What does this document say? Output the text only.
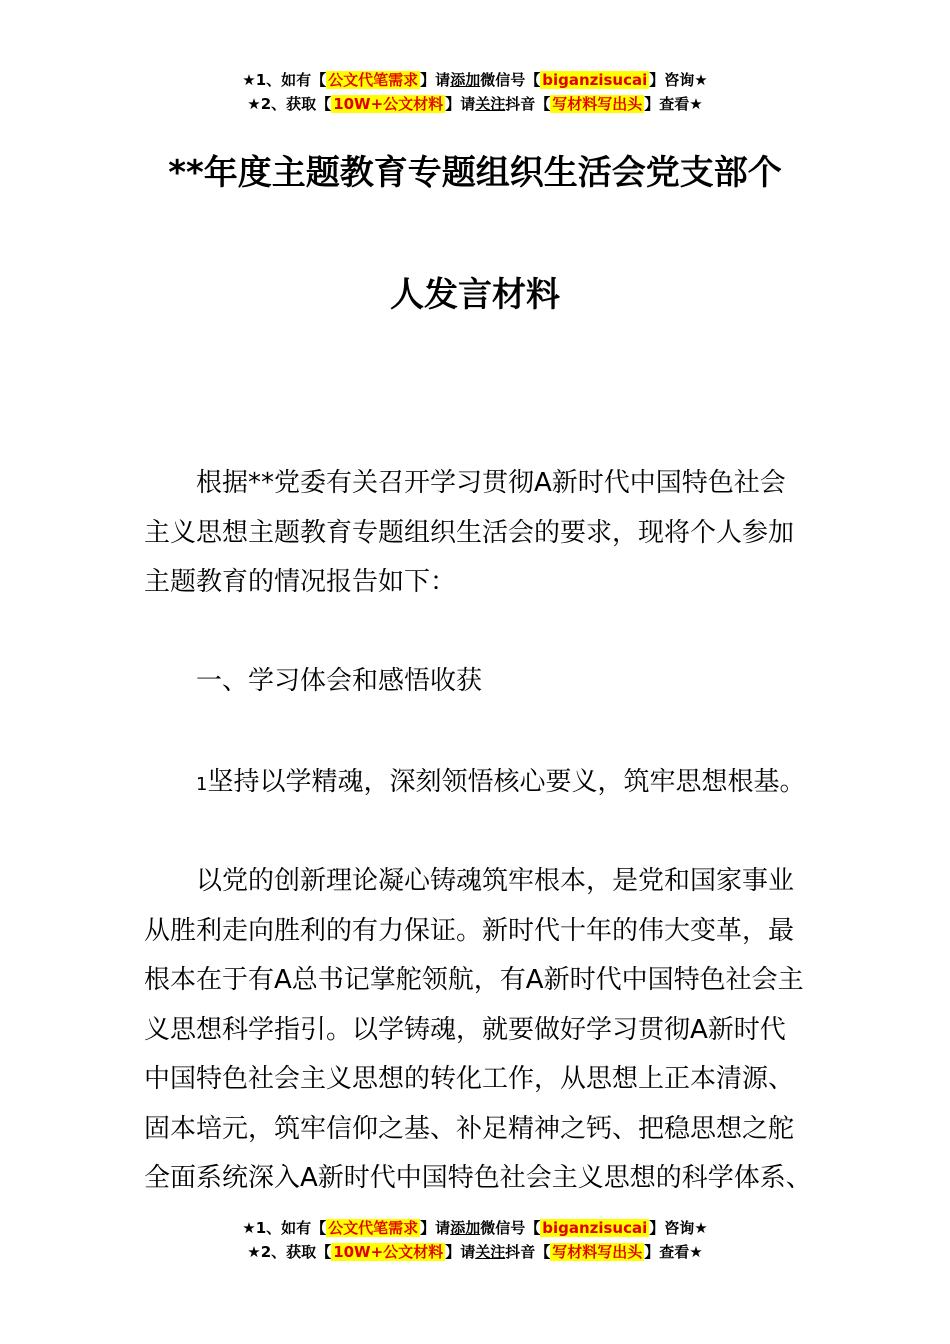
★1、如有【 公文代笔需求 】请添加微信号【 biganzisucai 】咨询★
★2、获取【 10W+公文材料 】请关注抖音【 写材料写出头 】查看★
**年度主题教育专题组织生活会党支部个
人发言材料
根据**党委有关召开学习贯彻A新时代中国特色社会
主义思想主题教育专题组织生活会的要求，现将个人参加
主题教育的情况报告如下：
一、学习体会和感悟收获
1坚持以学精魂，深刻领悟核心要义，筑牢思想根基。
以党的创新理论凝心铸魂筑牢根本，是党和国家事业
从胜利走向胜利的有力保证。新时代十年的伟大变革，最
根本在于有A总书记掌舵领航，有A新时代中国特色社会主
义思想科学指引。以学铸魂，就要做好学习贯彻A新时代
中国特色社会主义思想的转化工作，从思想上正本清源、
固本培元，筑牢信仰之基、补足精神之钙、把稳思想之舵
全面系统深入A新时代中国特色社会主义思想的科学体系、
★1、如有【 公文代笔需求 】请添加微信号【 biganzisucai 】咨询★
★2、获取【 10W+公文材料 】请关注抖音【 写材料写出头 】查看★
